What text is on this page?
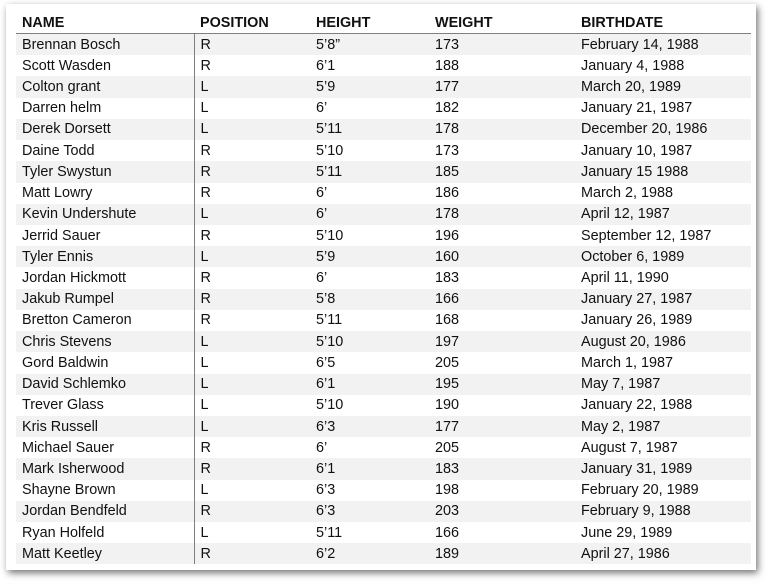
NAME	POSITION	HEIGHT	WEIGHT	BIRTHDATE
Brennan Bosch	R	5’8”	173	February 14, 1988
Scott Wasden	R	6’1	188	January 4, 1988
Colton grant	L	5’9	177	March 20, 1989
Darren helm	L	6’	182	January 21, 1987
Derek Dorsett	L	5’11	178	December 20, 1986
Daine Todd	R	5’10	173	January 10, 1987
Tyler Swystun	R	5’11	185	January 15 1988
Matt Lowry	R	6’	186	March 2, 1988
Kevin Undershute	L	6’	178	April 12, 1987
Jerrid Sauer	R	5’10	196	September 12, 1987
Tyler Ennis	L	5’9	160	October 6, 1989
Jordan Hickmott	R	6’	183	April 11, 1990
Jakub Rumpel	R	5’8	166	January 27, 1987
Bretton Cameron	R	5’11	168	January 26, 1989
Chris Stevens	L	5’10	197	August 20, 1986
Gord Baldwin	L	6’5	205	March 1, 1987
David Schlemko	L	6’1	195	May 7, 1987
Trever Glass	L	5’10	190	January 22, 1988
Kris Russell	L	6’3	177	May 2, 1987
Michael Sauer	R	6’	205	August 7, 1987
Mark Isherwood	R	6’1	183	January 31, 1989
Shayne Brown	L	6’3	198	February 20, 1989
Jordan Bendfeld	R	6’3	203	February 9, 1988
Ryan Holfeld	L	5’11	166	June 29, 1989
Matt Keetley	R	6’2	189	April 27, 1986
